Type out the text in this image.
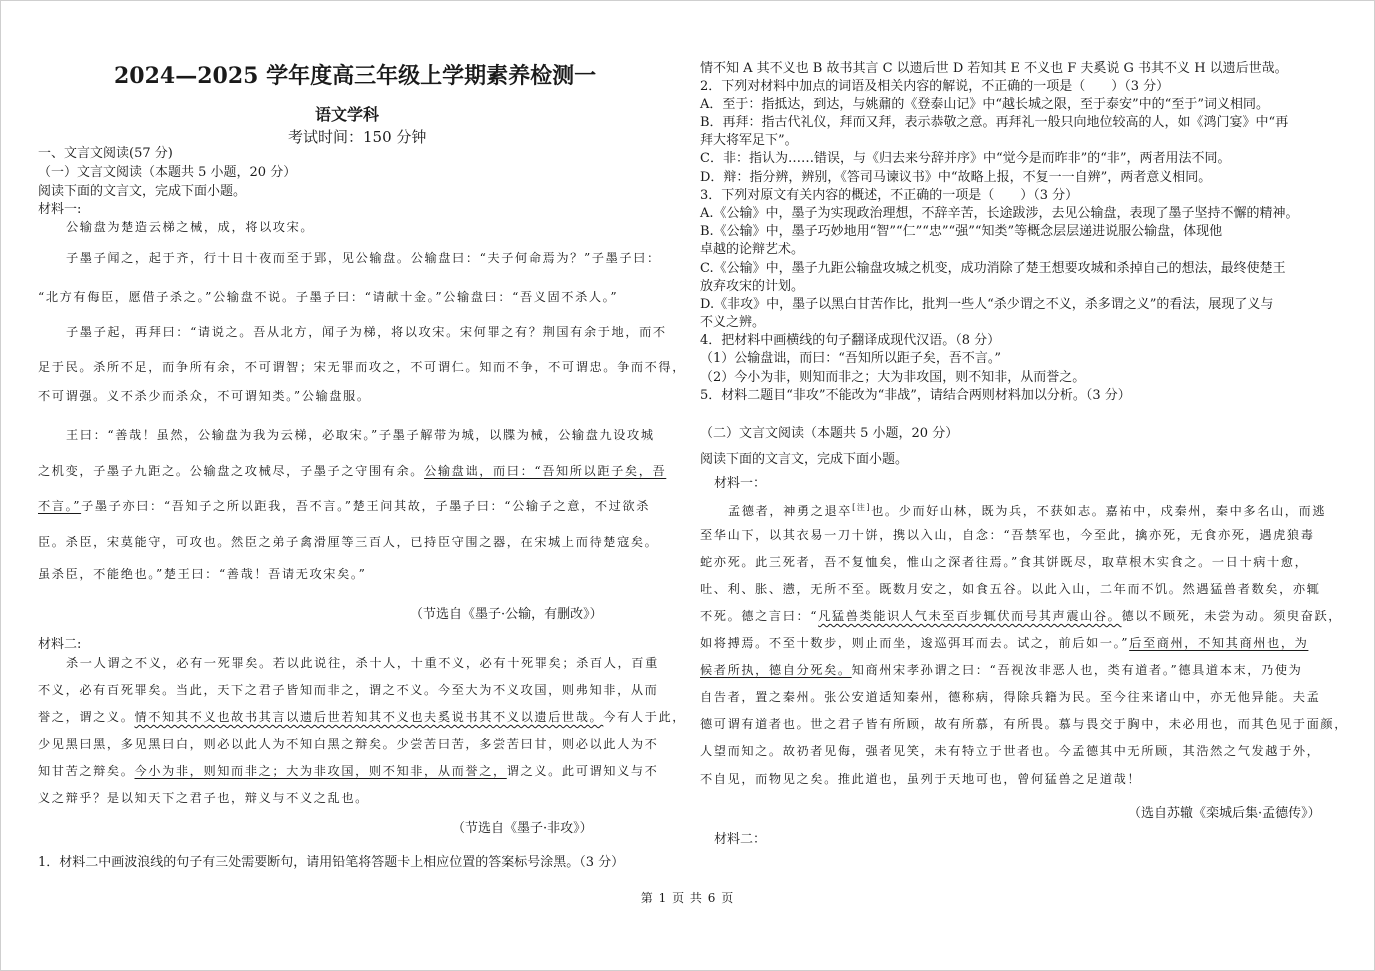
2024—2025 学年度高三年级上学期素养检测一
语文学科
考试时间：150 分钟
一、文言文阅读(57 分)
（一）文言文阅读（本题共 5 小题，20 分）
阅读下面的文言文，完成下面小题。
材料一:
公输盘为楚造云梯之械，成，将以攻宋。
子墨子闻之，起于齐，行十日十夜而至于郢，见公输盘。公输盘曰：“夫子何命焉为？”子墨子曰：
“北方有侮臣，愿借子杀之。”公输盘不说。子墨子曰：“请献十金。”公输盘曰：“吾义固不杀人。”
子墨子起，再拜曰：“请说之。吾从北方，闻子为梯，将以攻宋。宋何罪之有？荆国有余于地，而不
足于民。杀所不足，而争所有余，不可谓智；宋无罪而攻之，不可谓仁。知而不争，不可谓忠。争而不得，
不可谓强。义不杀少而杀众，不可谓知类。”公输盘服。
王曰：“善哉！虽然，公输盘为我为云梯，必取宋。”子墨子解带为城，以牒为械，公输盘九设攻城
之机变，子墨子九距之。公输盘之攻械尽，子墨子之守围有余。公输盘诎，而曰：“吾知所以距子矣，吾
不言。”子墨子亦曰：“吾知子之所以距我，吾不言。”楚王问其故，子墨子曰：“公输子之意，不过欲杀
臣。杀臣，宋莫能守，可攻也。然臣之弟子禽滑厘等三百人，已持臣守围之器，在宋城上而待楚寇矣。
虽杀臣，不能绝也。”楚王曰：“善哉！吾请无攻宋矣。”
（节选自《墨子·公输，有删改》）
材料二:
杀一人谓之不义，必有一死罪矣。若以此说往，杀十人，十重不义，必有十死罪矣；杀百人，百重
不义，必有百死罪矣。当此，天下之君子皆知而非之，谓之不义。今至大为不义攻国，则弗知非，从而
誉之，谓之义。情不知其不义也故书其言以遗后世若知其不义也夫奚说书其不义以遗后世哉。今有人于此，
少见黑曰黑，多见黑曰白，则必以此人为不知白黑之辩矣。少尝苦曰苦，多尝苦曰甘，则必以此人为不
知甘苦之辩矣。今小为非，则知而非之；大为非攻国，则不知非，从而誉之，谓之义。此可谓知义与不
义之辩乎？是以知天下之君子也，辩义与不义之乱也。
（节选自《墨子·非攻》）
1．材料二中画波浪线的句子有三处需要断句，请用铅笔将答题卡上相应位置的答案标号涂黑。（3 分）
情不知 A 其不义也 B 故书其言 C 以遗后世 D 若知其 E 不义也 F 夫奚说 G 书其不义 H 以遗后世哉。
2．下列对材料中加点的词语及相关内容的解说，不正确的一项是（　　）（3 分）
A．至于：指抵达，到达，与姚鼐的《登泰山记》中“越长城之限，至于泰安”中的“至于”词义相同。
B．再拜：指古代礼仪，拜而又拜，表示恭敬之意。再拜礼一般只向地位较高的人，如《鸿门宴》中“再
拜大将军足下”。
C．非：指认为……错误，与《归去来兮辞并序》中“觉今是而昨非”的“非”，两者用法不同。
D．辩：指分辨，辨别，《答司马谏议书》中“故略上报，不复一一自辨”，两者意义相同。
3．下列对原文有关内容的概述，不正确的一项是（　　）（3 分）
A.《公输》中，墨子为实现政治理想，不辞辛苦，长途跋涉，去见公输盘，表现了墨子坚持不懈的精神。
B.《公输》中，墨子巧妙地用“智”“仁”“忠”“强”“知类”等概念层层递进说服公输盘，体现他
卓越的论辩艺术。
C.《公输》中，墨子九距公输盘攻城之机变，成功消除了楚王想要攻城和杀掉自己的想法，最终使楚王
放弃攻宋的计划。
D.《非攻》中，墨子以黑白甘苦作比，批判一些人“杀少谓之不义，杀多谓之义”的看法，展现了义与
不义之辨。
4．把材料中画横线的句子翻译成现代汉语。（8 分）
（1）公输盘诎，而曰：“吾知所以距子矣，吾不言。”
（2）今小为非，则知而非之；大为非攻国，则不知非，从而誉之。
5．材料二题目“非攻”不能改为“非战”，请结合两则材料加以分析。（3 分）
（二）文言文阅读（本题共 5 小题，20 分）
阅读下面的文言文，完成下面小题。
材料一：
孟德者，神勇之退卒[注]也。少而好山林，既为兵，不获如志。嘉祐中，戍秦州，秦中多名山，而逃
至华山下，以其衣易一刀十饼，携以入山，自念：“吾禁军也，今至此，擒亦死，无食亦死，遇虎狼毒
蛇亦死。此三死者，吾不复恤矣，惟山之深者往焉。”食其饼既尽，取草根木实食之。一日十病十愈，
吐、利、胀、懑，无所不至。既数月安之，如食五谷。以此入山，二年而不饥。然遇猛兽者数矣，亦辄
不死。德之言曰：“凡猛兽类能识人气未至百步辄伏而号其声震山谷。德以不顾死，未尝为动。须臾奋跃，
如将搏焉。不至十数步，则止而坐，逡巡弭耳而去。试之，前后如一。”后至商州，不知其商州也，为
候者所执，德自分死矣。知商州宋孝孙谓之曰：“吾视汝非恶人也，类有道者。”德具道本末，乃使为
自告者，置之秦州。张公安道适知秦州，德称病，得除兵籍为民。至今往来诸山中，亦无他异能。夫孟
德可谓有道者也。世之君子皆有所顾，故有所慕，有所畏。慕与畏交于胸中，未必用也，而其色见于面颜，
人望而知之。故礽者见侮，强者见笑，未有特立于世者也。今孟德其中无所顾，其浩然之气发越于外，
不自见，而物见之矣。推此道也，虽列于天地可也，曾何猛兽之足道哉！
（选自苏辙《栾城后集·孟德传》）
材料二：
第 1 页 共 6 页
